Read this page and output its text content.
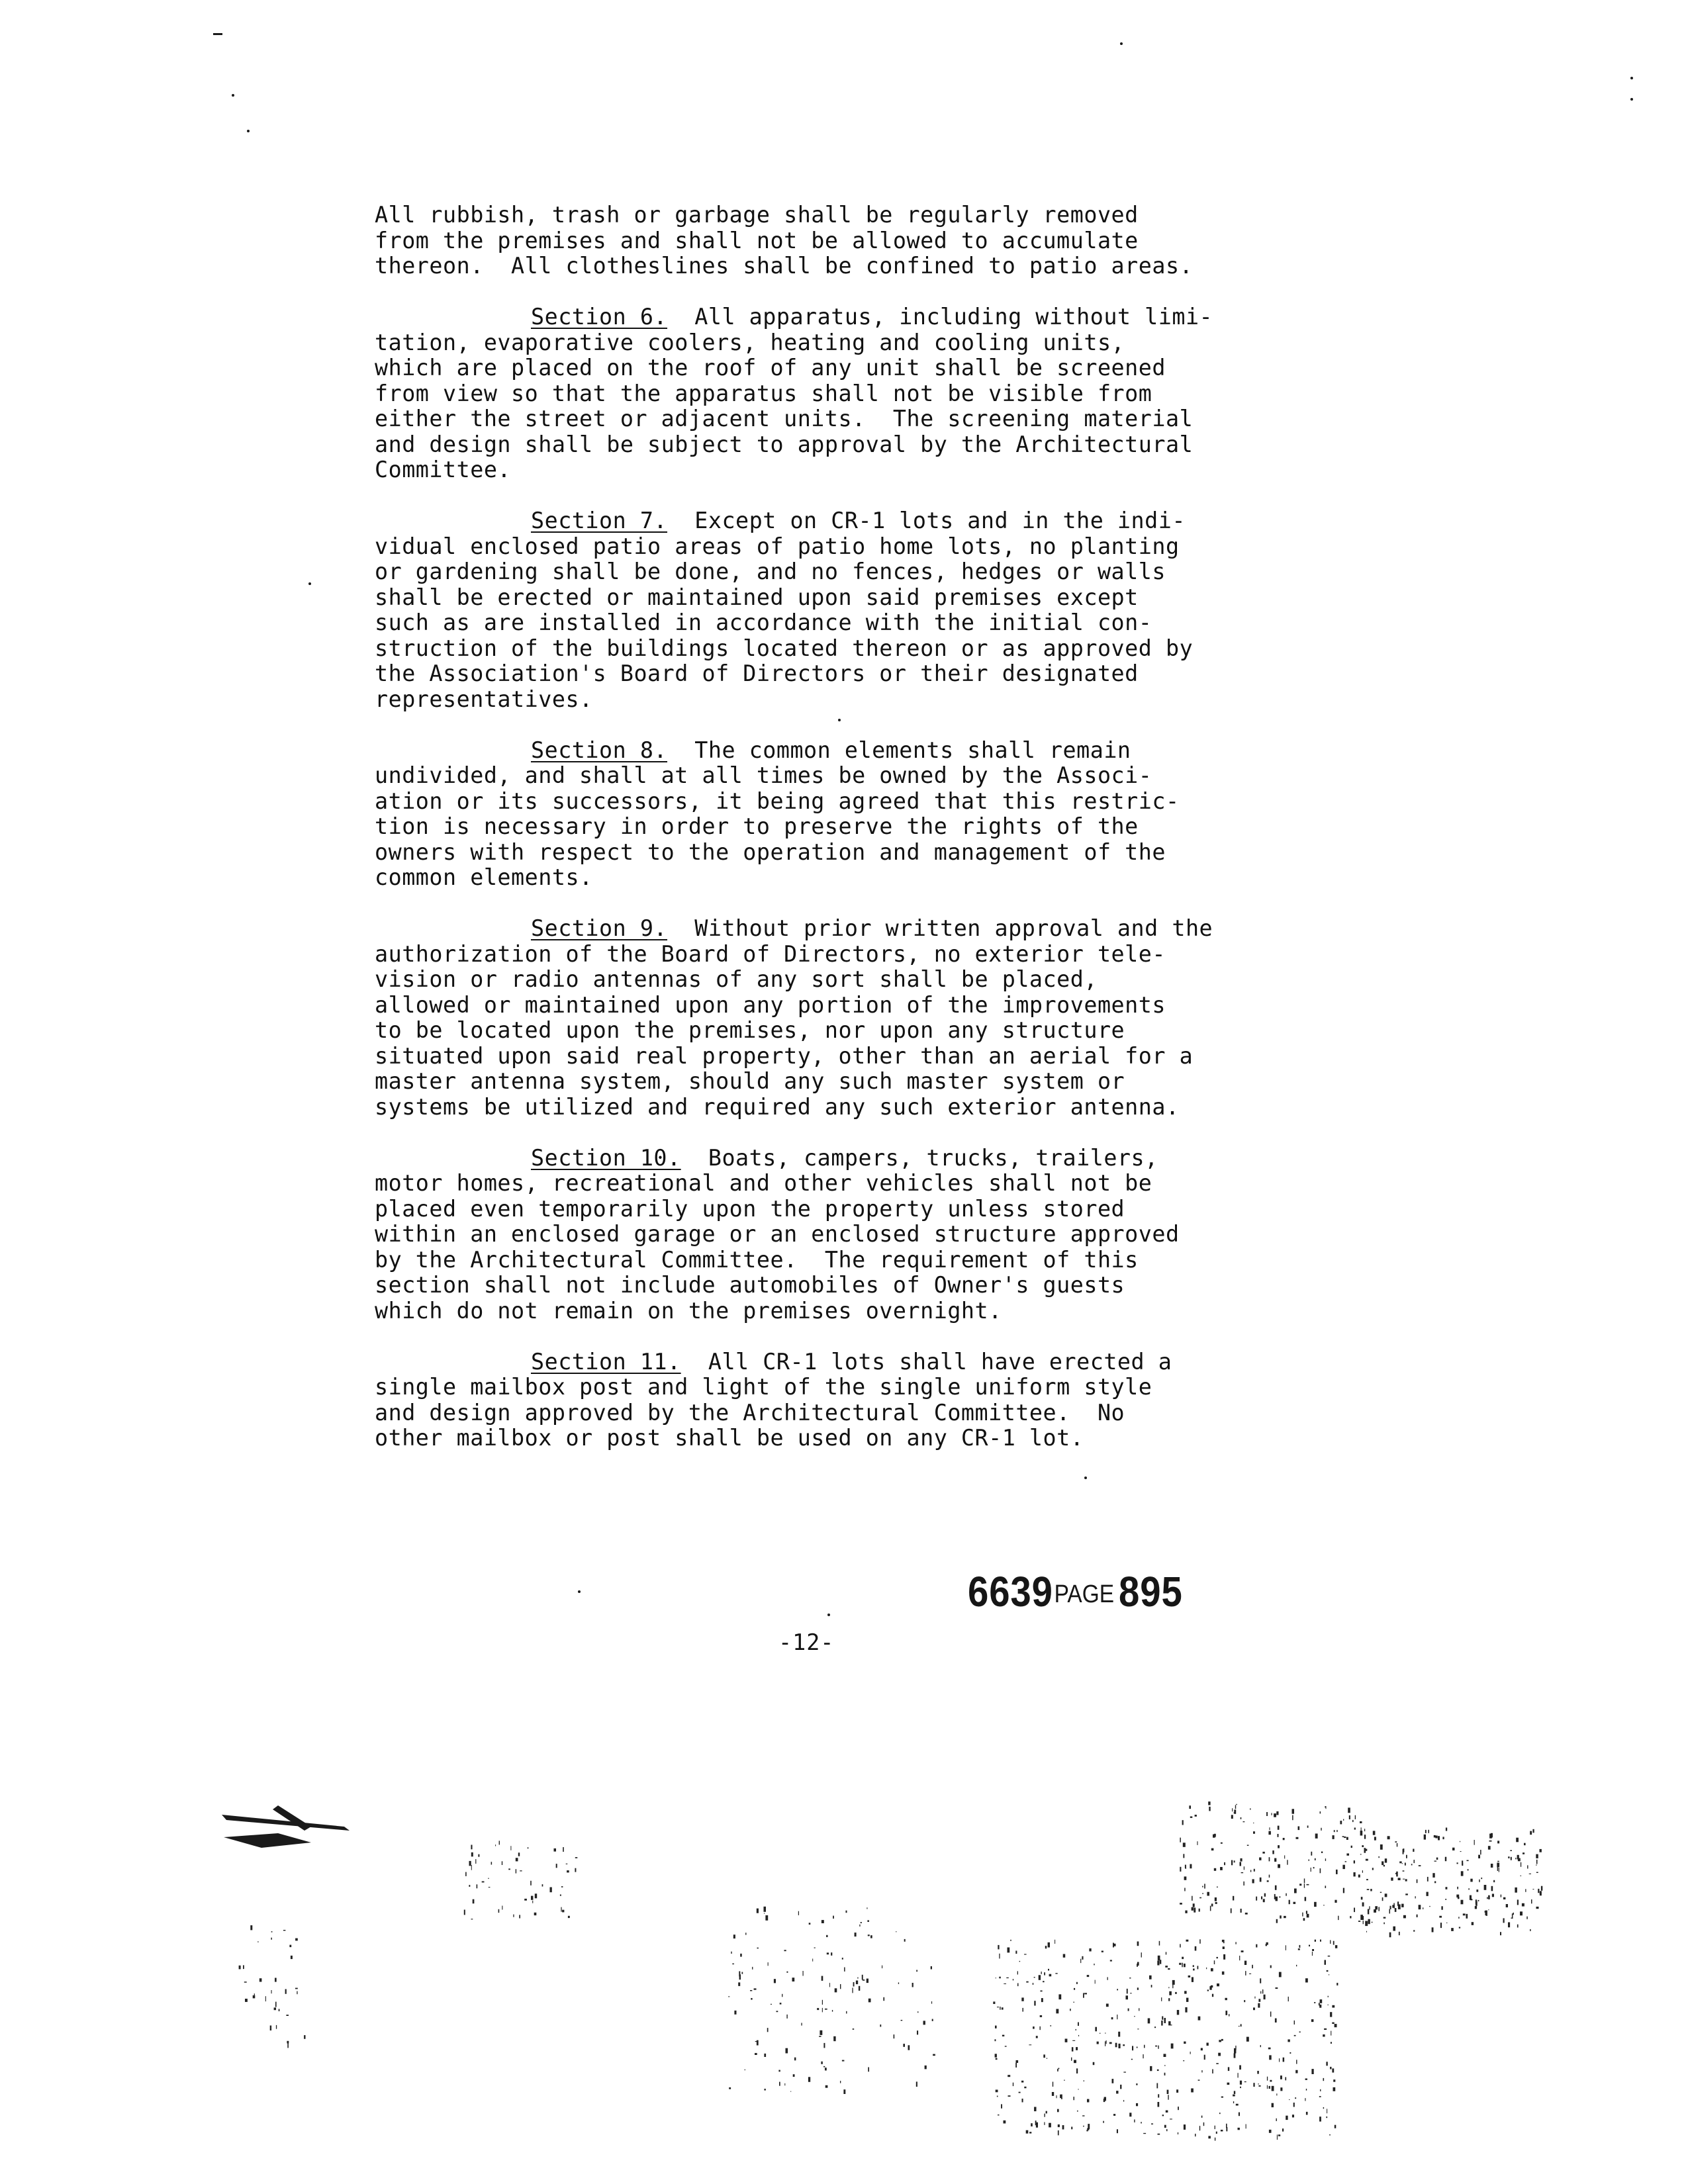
All rubbish, trash or garbage shall be regularly removed
from the premises and shall not be allowed to accumulate
thereon.  All clotheslines shall be confined to patio areas.

Section 6.  All apparatus, including without limi-
tation, evaporative coolers, heating and cooling units,
which are placed on the roof of any unit shall be screened
from view so that the apparatus shall not be visible from
either the street or adjacent units.  The screening material
and design shall be subject to approval by the Architectural
Committee.

Section 7.  Except on CR-1 lots and in the indi-
vidual enclosed patio areas of patio home lots, no planting
or gardening shall be done, and no fences, hedges or walls
shall be erected or maintained upon said premises except
such as are installed in accordance with the initial con-
struction of the buildings located thereon or as approved by
the Association's Board of Directors or their designated
representatives.

Section 8.  The common elements shall remain
undivided, and shall at all times be owned by the Associ-
ation or its successors, it being agreed that this restric-
tion is necessary in order to preserve the rights of the
owners with respect to the operation and management of the
common elements.

Section 9.  Without prior written approval and the
authorization of the Board of Directors, no exterior tele-
vision or radio antennas of any sort shall be placed,
allowed or maintained upon any portion of the improvements
to be located upon the premises, nor upon any structure
situated upon said real property, other than an aerial for a
master antenna system, should any such master system or
systems be utilized and required any such exterior antenna.

Section 10.  Boats, campers, trucks, trailers,
motor homes, recreational and other vehicles shall not be
placed even temporarily upon the property unless stored
within an enclosed garage or an enclosed structure approved
by the Architectural Committee.  The requirement of this
section shall not include automobiles of Owner's guests
which do not remain on the premises overnight.

Section 11.  All CR-1 lots shall have erected a
single mailbox post and light of the single uniform style
and design approved by the Architectural Committee.  No
other mailbox or post shall be used on any CR-1 lot.

6639PAGE 895
-12-
